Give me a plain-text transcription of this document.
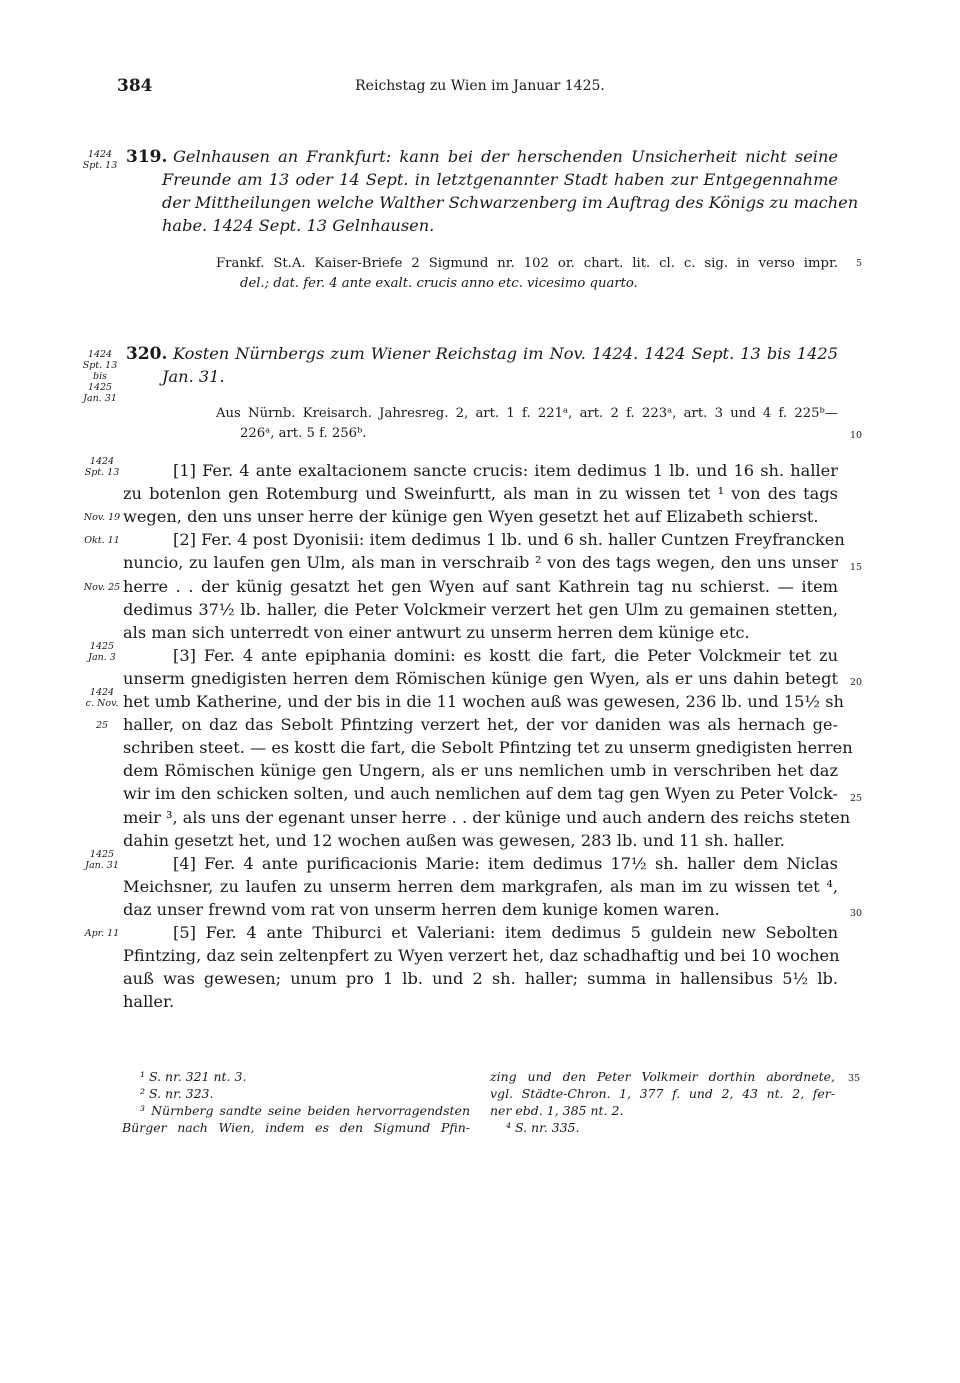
384	Reichstag zu Wien im Januar 1425.
1424
Spt. 13 319. Gelnhausen an Frankfurt: kann bei der herschenden Unsicherheit nicht seine
Freunde am 13 oder 14 Sept. in letztgenannter Stadt haben zur Entgegennahme
der Mittheilungen welche Walther Schwarzenberg im Auftrag des Königs zu machen
habe. 1424 Sept. 13 Gelnhausen.
Frankf. St.A. Kaiser-Briefe 2 Sigmund nr. 102 or. chart. lit. cl. c. sig. in verso impr.
del.; dat. fer. 4 ante exalt. crucis anno etc. vicesimo quarto.
5
1424
Spt. 13
bis
1425
Jan. 31
320. Kosten Nürnbergs zum Wiener Reichstag im Nov. 1424. 1424 Sept. 13 bis 1425
Jan. 31.
Aus Nürnb. Kreisarch. Jahresreg. 2, art. 1 f. 221ᵃ, art. 2 f. 223ᵃ, art. 3 und 4 f. 225ᵇ—
226ᵃ, art. 5 f. 256ᵇ.	10
[1] Fer. 4 ante exaltacionem sancte crucis: item dedimus 1 lb. und 16 sh. haller
zu botenlon gen Rotemburg und Sweinfurtt, als man in zu wissen tet ¹ von des tags
wegen, den uns unser herre der künige gen Wyen gesetzt het auf Elizabeth schierst.
[2] Fer. 4 post Dyonisii: item dedimus 1 lb. und 6 sh. haller Cuntzen Freyfrancken
nuncio, zu laufen gen Ulm, als man in verschraib ² von des tags wegen, den uns unser
herre . . der künig gesatzt het gen Wyen auf sant Kathrein tag nu schierst. — item
dedimus 37½ lb. haller, die Peter Volckmeir verzert het gen Ulm zu gemainen stetten,
als man sich unterredt von einer antwurt zu unserm herren dem künige etc.
[3] Fer. 4 ante epiphania domini: es kostt die fart, die Peter Volckmeir tet zu
unserm gnedigisten herren dem Römischen künige gen Wyen, als er uns dahin betegt
het umb Katherine, und der bis in die 11 wochen auß was gewesen, 236 lb. und 15½ sh
haller, on daz das Sebolt Pfintzing verzert het, der vor daniden was als hernach ge-
schriben steet. — es kostt die fart, die Sebolt Pfintzing tet zu unserm gnedigisten herren
dem Römischen künige gen Ungern, als er uns nemlichen umb in verschriben het daz
wir im den schicken solten, und auch nemlichen auf dem tag gen Wyen zu Peter Volck-
meir ³, als uns der egenant unser herre . . der künige und auch andern des reichs steten
dahin gesetzt het, und 12 wochen außen was gewesen, 283 lb. und 11 sh. haller.
[4] Fer. 4 ante purificacionis Marie: item dedimus 17½ sh. haller dem Niclas
Meichsner, zu laufen zu unserm herren dem markgrafen, als man im zu wissen tet ⁴,
daz unser frewnd vom rat von unserm herren dem kunige komen waren.
[5] Fer. 4 ante Thiburci et Valeriani: item dedimus 5 guldein new Sebolten
Pfintzing, daz sein zeltenpfert zu Wyen verzert het, daz schadhaftig und bei 10 wochen
auß was gewesen; unum pro 1 lb. und 2 sh. haller; summa in hallensibus 5½ lb.
haller.
1424
Spt. 13
Nov. 19
Okt. 11
Nov. 25
1425
Jan. 3
1424
c. Nov.
25
1425
Jan. 31
Apr. 11
15
20
25
30
¹ S. nr. 321 nt. 3.
² S. nr. 323.
³ Nürnberg sandte seine beiden hervorragendsten
Bürger nach Wien, indem es den Sigmund Pfin-
zing und den Peter Volkmeir dorthin abordnete,
vgl. Städte-Chron. 1, 377 f. und 2, 43 nt. 2, fer-
ner ebd. 1, 385 nt. 2.
⁴ S. nr. 335.
35
